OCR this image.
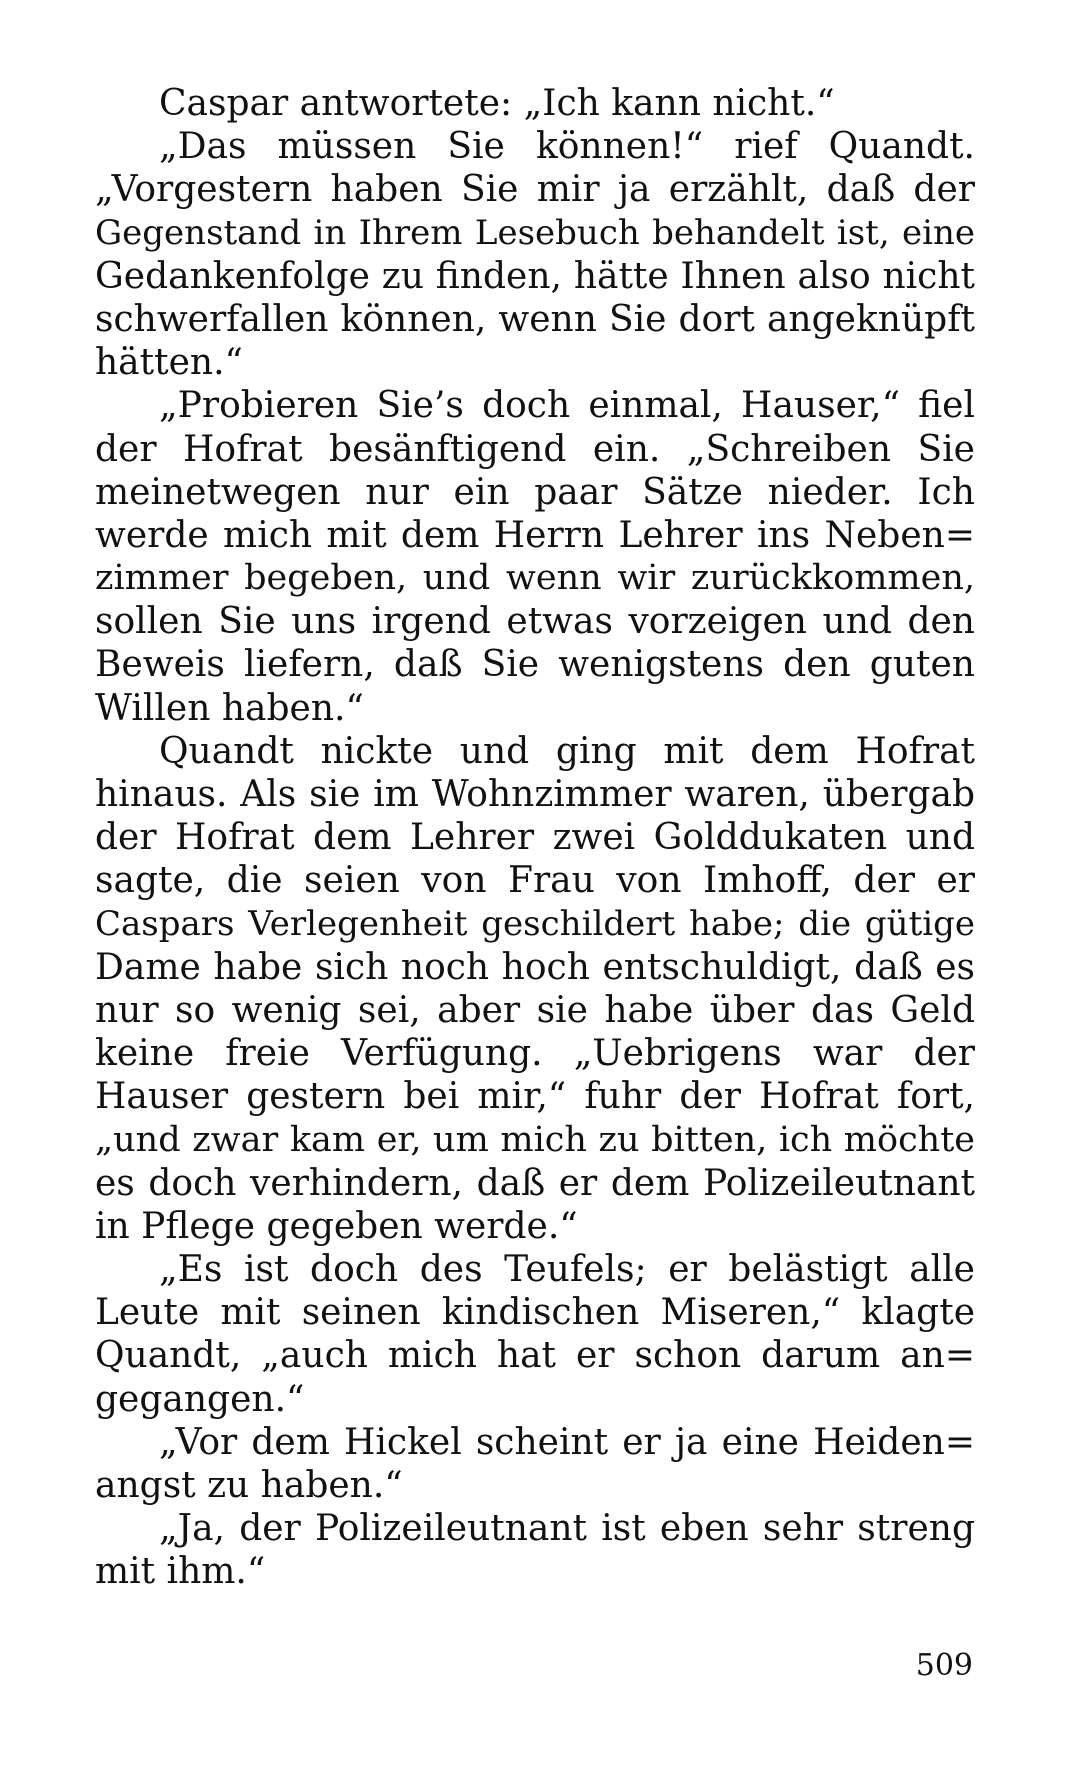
Caspar antwortete: „Ich kann nicht.“
„Das müssen Sie können!“ rief Quandt.
„Vorgestern haben Sie mir ja erzählt, daß der
Gegenstand in Ihrem Lesebuch behandelt ist, eine
Gedankenfolge zu finden, hätte Ihnen also nicht
schwerfallen können, wenn Sie dort angeknüpft
hätten.“
„Probieren Sie’s doch einmal, Hauser,“ fiel
der Hofrat besänftigend ein. „Schreiben Sie
meinetwegen nur ein paar Sätze nieder. Ich
werde mich mit dem Herrn Lehrer ins Neben=
zimmer begeben, und wenn wir zurückkommen,
sollen Sie uns irgend etwas vorzeigen und den
Beweis liefern, daß Sie wenigstens den guten
Willen haben.“
Quandt nickte und ging mit dem Hofrat
hinaus. Als sie im Wohnzimmer waren, übergab
der Hofrat dem Lehrer zwei Golddukaten und
sagte, die seien von Frau von Imhoff, der er
Caspars Verlegenheit geschildert habe; die gütige
Dame habe sich noch hoch entschuldigt, daß es
nur so wenig sei, aber sie habe über das Geld
keine freie Verfügung. „Uebrigens war der
Hauser gestern bei mir,“ fuhr der Hofrat fort,
„und zwar kam er, um mich zu bitten, ich möchte
es doch verhindern, daß er dem Polizeileutnant
in Pflege gegeben werde.“
„Es ist doch des Teufels; er belästigt alle
Leute mit seinen kindischen Miseren,“ klagte
Quandt, „auch mich hat er schon darum an=
gegangen.“
„Vor dem Hickel scheint er ja eine Heiden=
angst zu haben.“
„Ja, der Polizeileutnant ist eben sehr streng
mit ihm.“
509
